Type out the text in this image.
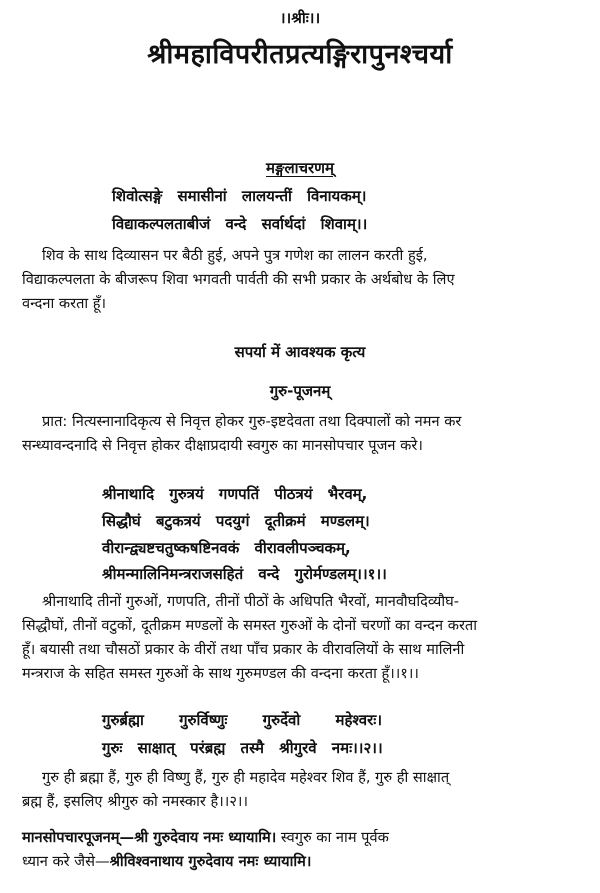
।।श्रीः।।
श्रीमहाविपरीतप्रत्यङ्गिरापुनश्चर्या
मङ्गलाचरणम्
शिवोत्सङ्गे समासीनां लालयन्तीं विनायकम्।
विद्याकल्पलताबीजं वन्दे सर्वार्थदां शिवाम्।।
शिव के साथ दिव्यासन पर बैठी हुई, अपने पुत्र गणेश का लालन करती हुई,
विद्याकल्पलता के बीजरूप शिवा भगवती पार्वती की सभी प्रकार के अर्थबोध के लिए
वन्दना करता हूँ।
सपर्या में आवश्यक कृत्य
गुरु-पूजनम्
प्रात: नित्यस्नानादिकृत्य से निवृत्त होकर गुरु-इष्टदेवता तथा दिक्पालों को नमन कर
सन्ध्यावन्दनादि से निवृत्त होकर दीक्षाप्रदायी स्वगुरु का मानसोपचार पूजन करे।
श्रीनाथादि गुरुत्रयं गणपतिं पीठत्रयं भैरवम्,
सिद्धौघं बटुकत्रयं पदयुगं दूतीक्रमं मण्डलम्।
वीरान्द्व्यष्टचतुष्कषष्टिनवकं वीरावलीपञ्चकम्,
श्रीमन्मालिनिमन्त्रराजसहितं वन्दे गुरोर्मण्डलम्।।१।।
श्रीनाथादि तीनों गुरुओं, गणपति, तीनों पीठों के अधिपति भैरवों, मानवौघदिव्यौघ-
सिद्धौघों, तीनों वटुकों, दूतीक्रम मण्डलों के समस्त गुरुओं के दोनों चरणों का वन्दन करता
हूँ। बयासी तथा चौसठों प्रकार के वीरों तथा पाँच प्रकार के वीरावलियों के साथ मालिनी
मन्त्रराज के सहित समस्त गुरुओं के साथ गुरुमण्डल की वन्दना करता हूँ।।१।।
गुरुर्ब्रह्मा गुरुर्विष्णुः गुरुर्देवो महेश्वरः।
गुरुः साक्षात् परंब्रह्म तस्मै श्रीगुरवे नमः।।२।।
गुरु ही ब्रह्मा हैं, गुरु ही विष्णु हैं, गुरु ही महादेव महेश्वर शिव हैं, गुरु ही साक्षात्
ब्रह्म हैं, इसलिए श्रीगुरु को नमस्कार है।।२।।
मानसोपचारपूजनम्—श्री गुरुदेवाय नमः ध्यायामि। स्वगुरु का नाम पूर्वक
ध्यान करे जैसे—श्रीविश्वनाथाय गुरुदेवाय नमः ध्यायामि।
